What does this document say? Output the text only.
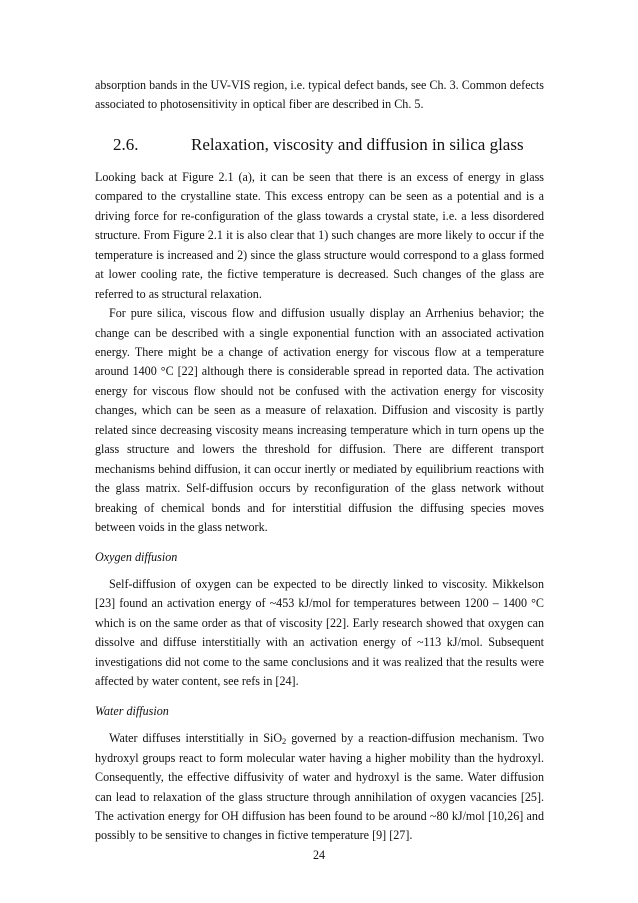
absorption bands in the UV-VIS region, i.e. typical defect bands, see Ch. 3. Common defects associated to photosensitivity in optical fiber are described in Ch. 5.

2.6.	Relaxation, viscosity and diffusion in silica glass

Looking back at Figure 2.1 (a), it can be seen that there is an excess of energy in glass compared to the crystalline state. This excess entropy can be seen as a potential and is a driving force for re-configuration of the glass towards a crystal state, i.e. a less disordered structure. From Figure 2.1 it is also clear that 1) such changes are more likely to occur if the temperature is increased and 2) since the glass structure would correspond to a glass formed at lower cooling rate, the fictive temperature is decreased. Such changes of the glass are referred to as structural relaxation.

For pure silica, viscous flow and diffusion usually display an Arrhenius behavior; the change can be described with a single exponential function with an associated activation energy. There might be a change of activation energy for viscous flow at a temperature around 1400 °C [22] although there is considerable spread in reported data. The activation energy for viscous flow should not be confused with the activation energy for viscosity changes, which can be seen as a measure of relaxation. Diffusion and viscosity is partly related since decreasing viscosity means increasing temperature which in turn opens up the glass structure and lowers the threshold for diffusion. There are different transport mechanisms behind diffusion, it can occur inertly or mediated by equilibrium reactions with the glass matrix. Self-diffusion occurs by reconfiguration of the glass network without breaking of chemical bonds and for interstitial diffusion the diffusing species moves between voids in the glass network.

Oxygen diffusion

Self-diffusion of oxygen can be expected to be directly linked to viscosity. Mikkelson [23] found an activation energy of ~453 kJ/mol for temperatures between 1200 – 1400 °C which is on the same order as that of viscosity [22]. Early research showed that oxygen can dissolve and diffuse interstitially with an activation energy of ~113 kJ/mol. Subsequent investigations did not come to the same conclusions and it was realized that the results were affected by water content, see refs in [24].

Water diffusion

Water diffuses interstitially in SiO$_2$ governed by a reaction-diffusion mechanism. Two hydroxyl groups react to form molecular water having a higher mobility than the hydroxyl. Consequently, the effective diffusivity of water and hydroxyl is the same. Water diffusion can lead to relaxation of the glass structure through annihilation of oxygen vacancies [25]. The activation energy for OH diffusion has been found to be around ~80 kJ/mol [10,26] and possibly to be sensitive to changes in fictive temperature [9] [27].

24
